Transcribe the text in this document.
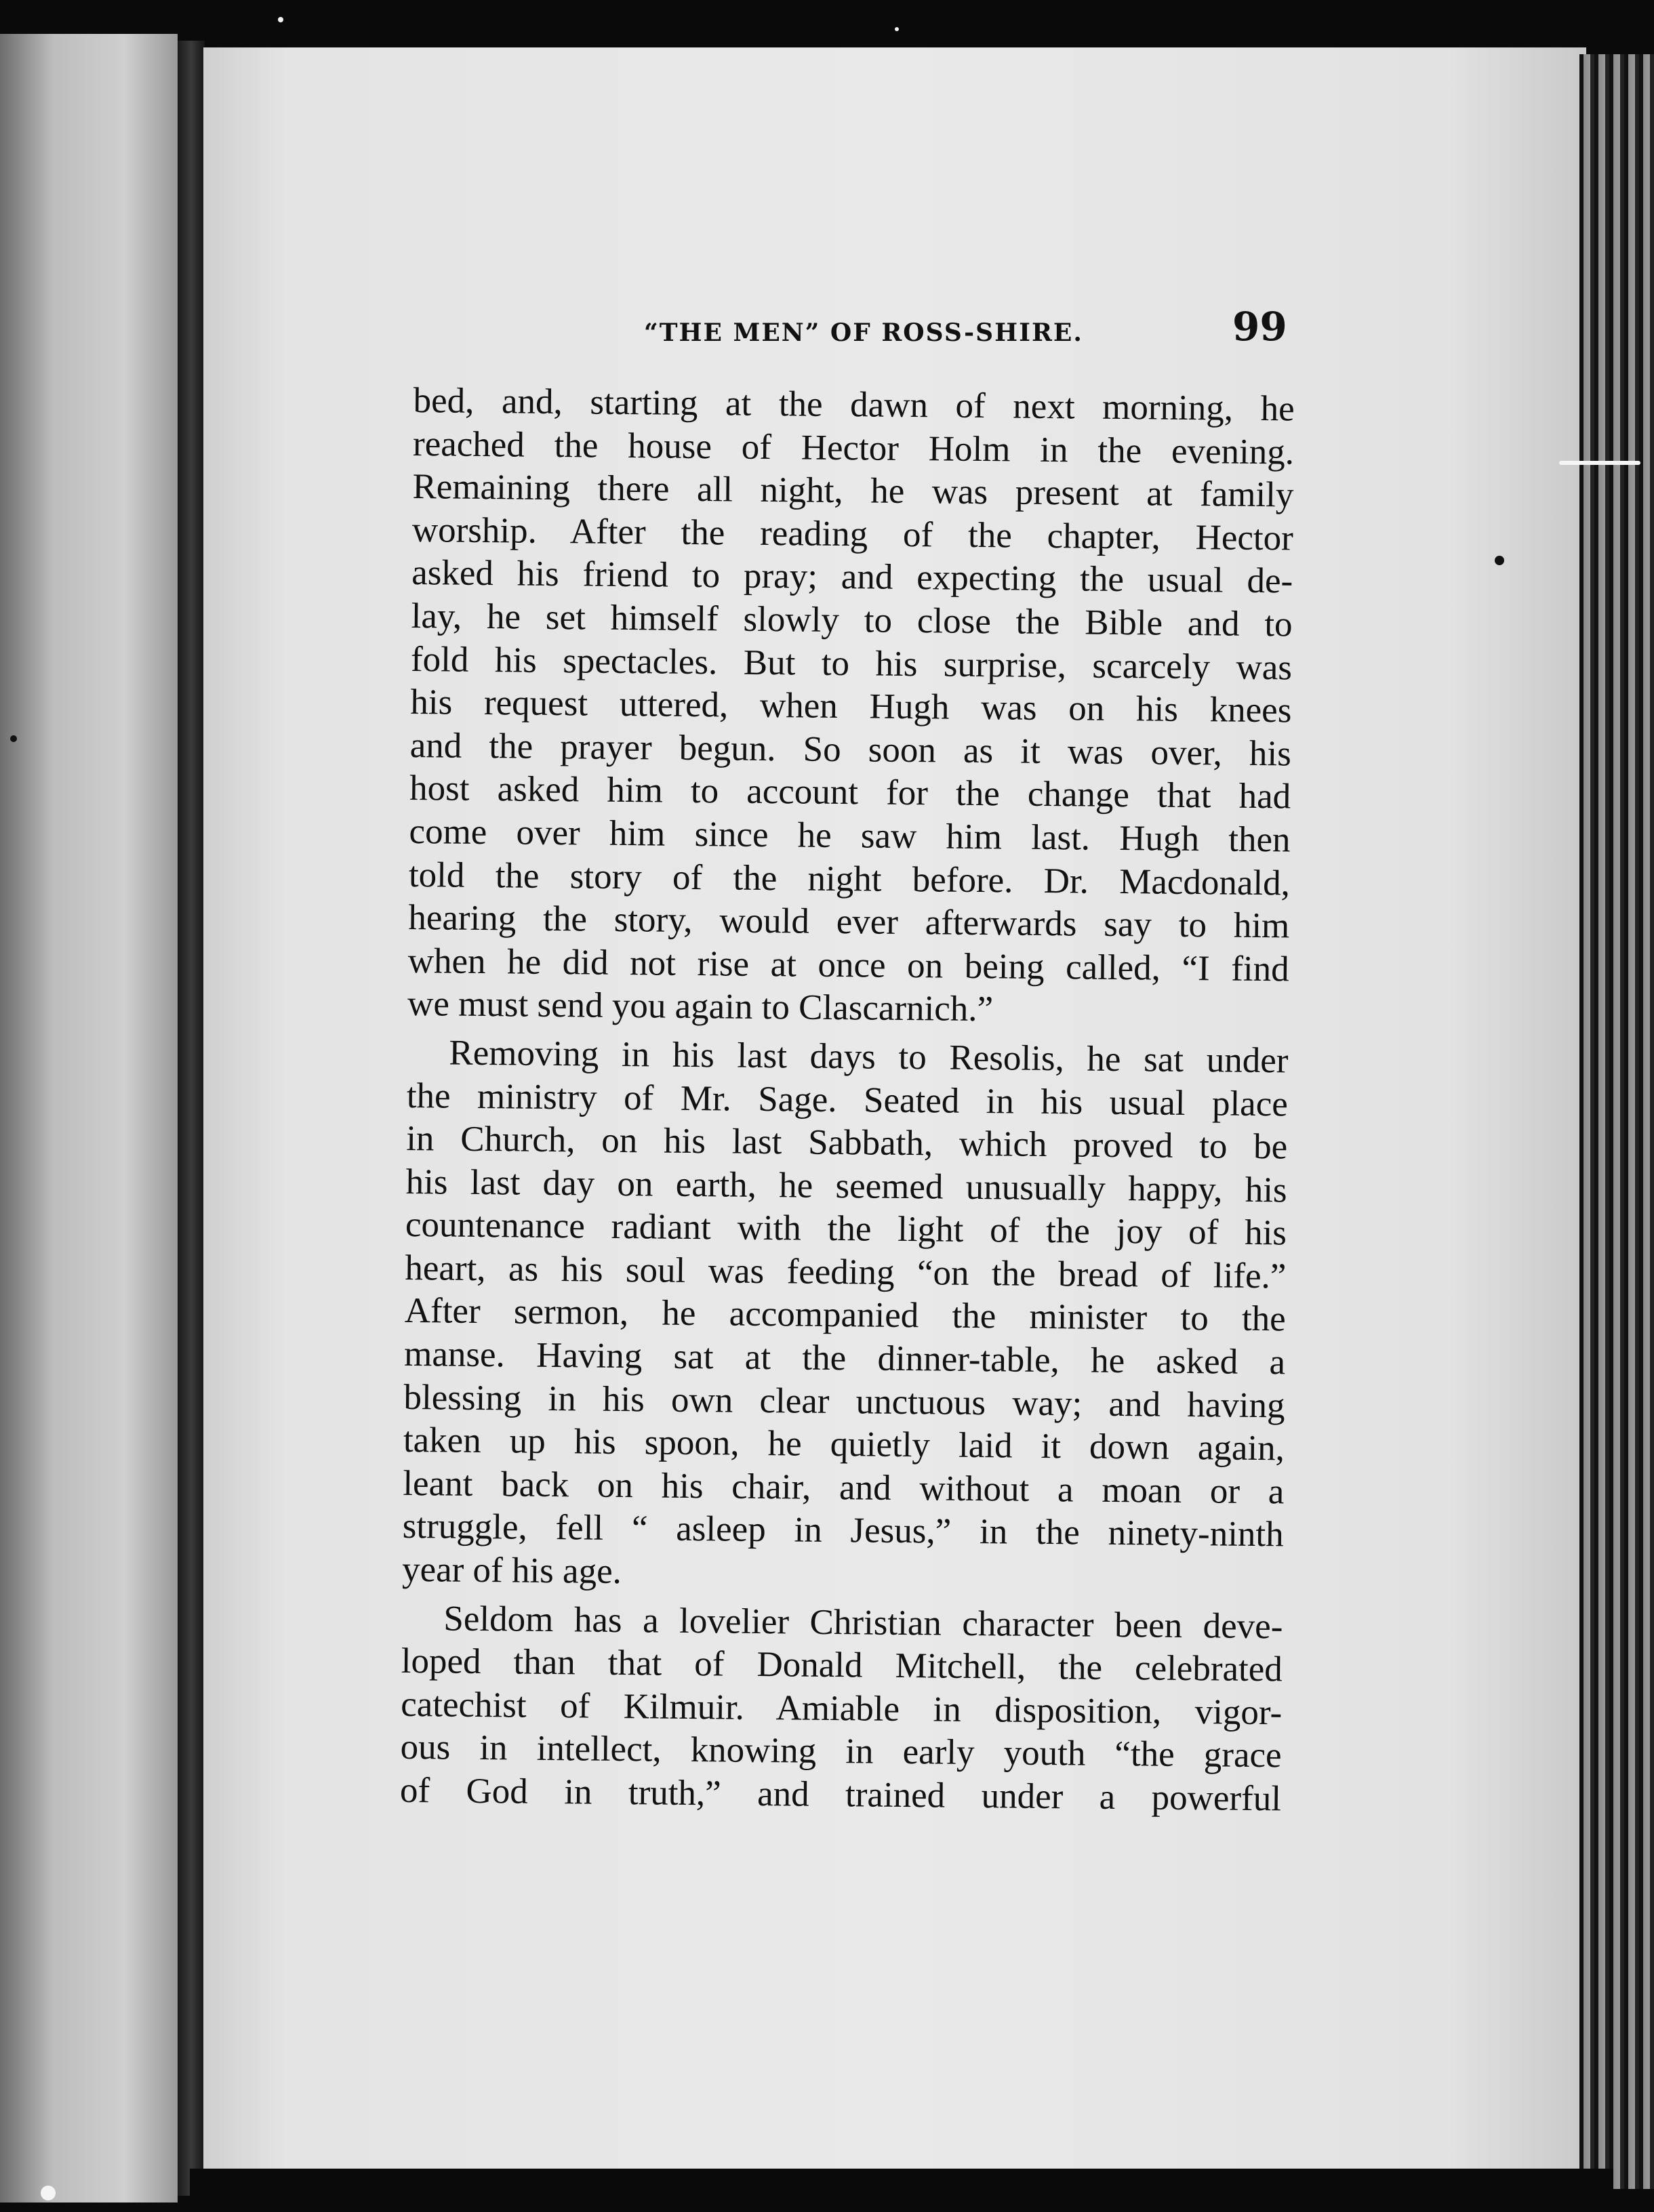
“THE MEN” OF ROSS-SHIRE.	99
bed, and, starting at the dawn of next morning, he
reached the house of Hector Holm in the evening.
Remaining there all night, he was present at family
worship. After the reading of the chapter, Hector
asked his friend to pray; and expecting the usual de-
lay, he set himself slowly to close the Bible and to
fold his spectacles. But to his surprise, scarcely was
his request uttered, when Hugh was on his knees
and the prayer begun. So soon as it was over, his
host asked him to account for the change that had
come over him since he saw him last. Hugh then
told the story of the night before. Dr. Macdonald,
hearing the story, would ever afterwards say to him
when he did not rise at once on being called, “I find
we must send you again to Clascarnich.”
Removing in his last days to Resolis, he sat under
the ministry of Mr. Sage. Seated in his usual place
in Church, on his last Sabbath, which proved to be
his last day on earth, he seemed unusually happy, his
countenance radiant with the light of the joy of his
heart, as his soul was feeding “on the bread of life.”
After sermon, he accompanied the minister to the
manse. Having sat at the dinner-table, he asked a
blessing in his own clear unctuous way; and having
taken up his spoon, he quietly laid it down again,
leant back on his chair, and without a moan or a
struggle, fell “ asleep in Jesus,” in the ninety-ninth
year of his age.
Seldom has a lovelier Christian character been deve-
loped than that of Donald Mitchell, the celebrated
catechist of Kilmuir. Amiable in disposition, vigor-
ous in intellect, knowing in early youth “the grace
of God in truth,” and trained under a powerful
